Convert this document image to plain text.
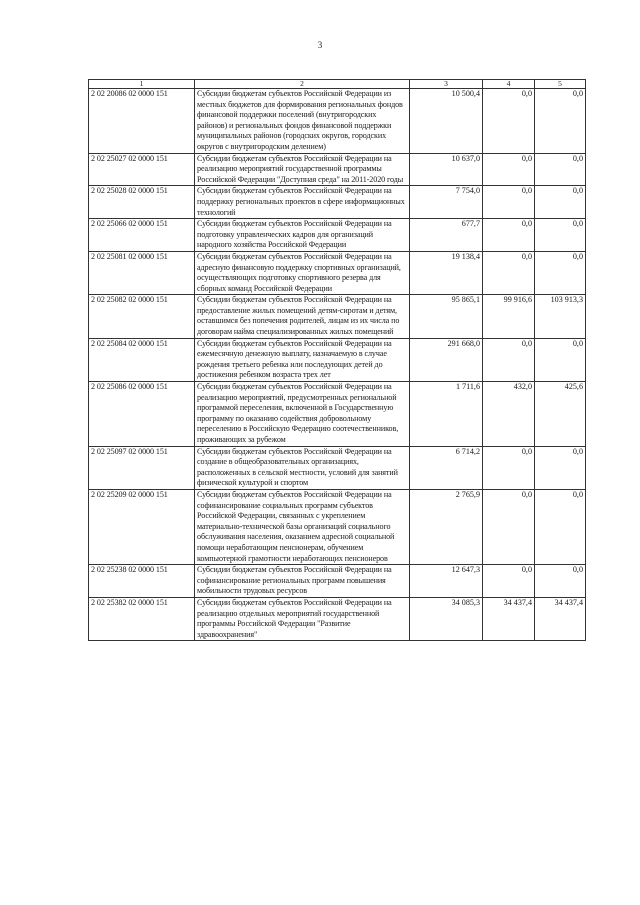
3
1	2	3	4	5
2 02 20086 02 0000 151	Субсидии бюджетам субъектов Российской Федерации из местных бюджетов для формирования региональных фондов финансовой поддержки поселений (внутригородских районов) и региональных фондов финансовой поддержки муниципальных районов (городских округов, городских округов с внутригородским делением)	10 500,4	0,0	0,0
2 02 25027 02 0000 151	Субсидии бюджетам субъектов Российской Федерации на реализацию мероприятий государственной программы Российской Федерации "Доступная среда" на 2011-2020 годы	10 637,0	0,0	0,0
2 02 25028 02 0000 151	Субсидии бюджетам субъектов Российской Федерации на поддержку региональных проектов в сфере информационных технологий	7 754,0	0,0	0,0
2 02 25066 02 0000 151	Субсидии бюджетам субъектов Российской Федерации на подготовку управленческих кадров для организаций народного хозяйства Российской Федерации	677,7	0,0	0,0
2 02 25081 02 0000 151	Субсидии бюджетам субъектов Российской Федерации на адресную финансовую поддержку спортивных организаций, осуществляющих подготовку спортивного резерва для сборных команд Российской Федерации	19 138,4	0,0	0,0
2 02 25082 02 0000 151	Субсидии бюджетам субъектов Российской Федерации на предоставление жилых помещений детям-сиротам и детям, оставшимся без попечения родителей, лицам из их числа по договорам найма специализированных жилых помещений	95 865,1	99 916,6	103 913,3
2 02 25084 02 0000 151	Субсидии бюджетам субъектов Российской Федерации на ежемесячную денежную выплату, назначаемую в случае рождения третьего ребенка или последующих детей до достижения ребенком возраста трех лет	291 668,0	0,0	0,0
2 02 25086 02 0000 151	Субсидии бюджетам субъектов Российской Федерации на реализацию мероприятий, предусмотренных региональной программой переселения, включенной в Государственную программу по оказанию содействия добровольному переселению в Российскую Федерацию соотечественников, проживающих за рубежом	1 711,6	432,0	425,6
2 02 25097 02 0000 151	Субсидии бюджетам субъектов Российской Федерации на создание в общеобразовательных организациях, расположенных в сельской местности, условий для занятий физической культурой и спортом	6 714,2	0,0	0,0
2 02 25209 02 0000 151	Субсидии бюджетам субъектов Российской Федерации на софинансирование социальных программ субъектов Российской Федерации, связанных с укреплением материально-технической базы организаций социального обслуживания населения, оказанием адресной социальной помощи неработающим пенсионерам, обучением компьютерной грамотности неработающих пенсионеров	2 765,9	0,0	0,0
2 02 25238 02 0000 151	Субсидии бюджетам субъектов Российской Федерации на софинансирование региональных программ повышения мобильности трудовых ресурсов	12 647,3	0,0	0,0
2 02 25382 02 0000 151	Субсидии бюджетам субъектов Российской Федерации на реализацию отдельных мероприятий государственной программы Российской Федерации "Развитие здравоохранения"	34 085,3	34 437,4	34 437,4
